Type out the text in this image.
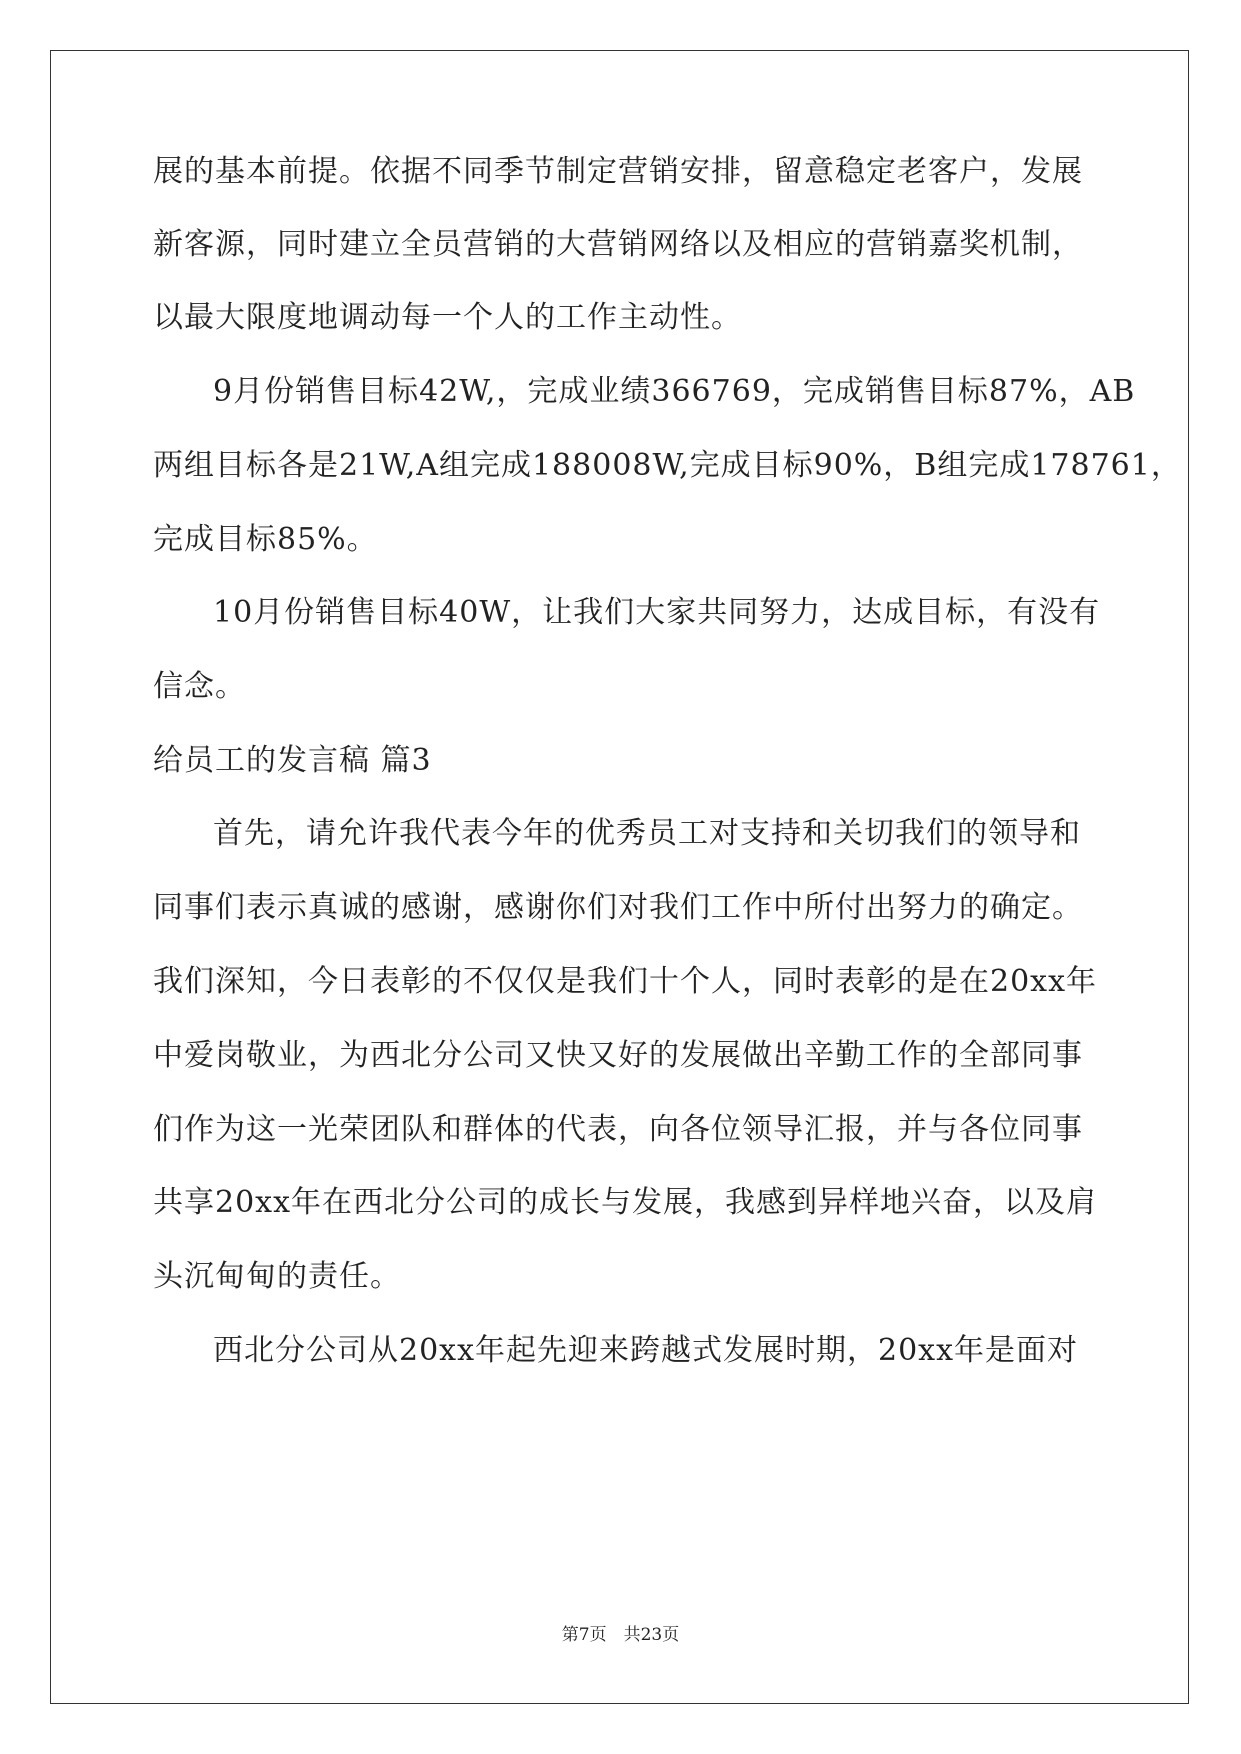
展的基本前提。依据不同季节制定营销安排，留意稳定老客户，发展
新客源，同时建立全员营销的大营销网络以及相应的营销嘉奖机制，
以最大限度地调动每一个人的工作主动性。
9月份销售目标42W,，完成业绩366769，完成销售目标87%，AB
两组目标各是21W,A组完成188008W,完成目标90%，B组完成178761，
完成目标85%。
10月份销售目标40W，让我们大家共同努力，达成目标，有没有
信念。
给员工的发言稿 篇3
首先，请允许我代表今年的优秀员工对支持和关切我们的领导和
同事们表示真诚的感谢，感谢你们对我们工作中所付出努力的确定。
我们深知，今日表彰的不仅仅是我们十个人，同时表彰的是在20xx年
中爱岗敬业，为西北分公司又快又好的发展做出辛勤工作的全部同事
们作为这一光荣团队和群体的代表，向各位领导汇报，并与各位同事
共享20xx年在西北分公司的成长与发展，我感到异样地兴奋，以及肩
头沉甸甸的责任。
西北分公司从20xx年起先迎来跨越式发展时期，20xx年是面对
第7页　共23页
